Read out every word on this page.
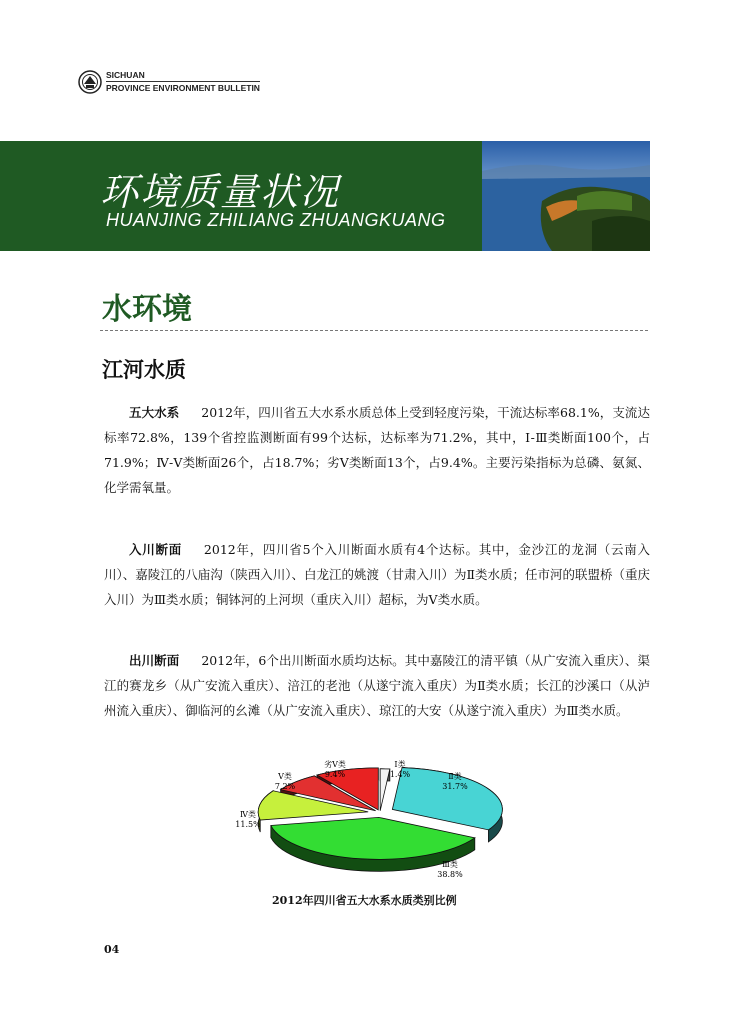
SICHUAN
PROVINCE ENVIRONMENT BULLETIN
环境质量状况
HUANJING ZHILIANG ZHUANGKUANG
水环境
江河水质
五大水系 2012年，四川省五大水系水质总体上受到轻度污染，干流达标率68.1%，支流达标率72.8%，139个省控监测断面有99个达标，达标率为71.2%，其中，Ⅰ-Ⅲ类断面100个，占71.9%；Ⅳ-Ⅴ类断面26个，占18.7%；劣Ⅴ类断面13个，占9.4%。主要污染指标为总磷、氨氮、化学需氧量。
入川断面 2012年，四川省5个入川断面水质有4个达标。其中，金沙江的龙洞（云南入川）、嘉陵江的八庙沟（陕西入川）、白龙江的姚渡（甘肃入川）为Ⅱ类水质；任市河的联盟桥（重庆入川）为Ⅲ类水质；铜钵河的上河坝（重庆入川）超标，为Ⅴ类水质。
出川断面 2012年，6个出川断面水质均达标。其中嘉陵江的清平镇（从广安流入重庆）、渠江的赛龙乡（从广安流入重庆）、涪江的老池（从遂宁流入重庆）为Ⅱ类水质；长江的沙溪口（从泸州流入重庆）、御临河的幺滩（从广安流入重庆）、琼江的大安（从遂宁流入重庆）为Ⅲ类水质。
Ⅰ类
1.4%	Ⅱ类
31.7%
Ⅲ类
38.8%
Ⅳ类
11.5%
Ⅴ类
7.2%
劣Ⅴ类
9.4%
2012年四川省五大水系水质类别比例
04
